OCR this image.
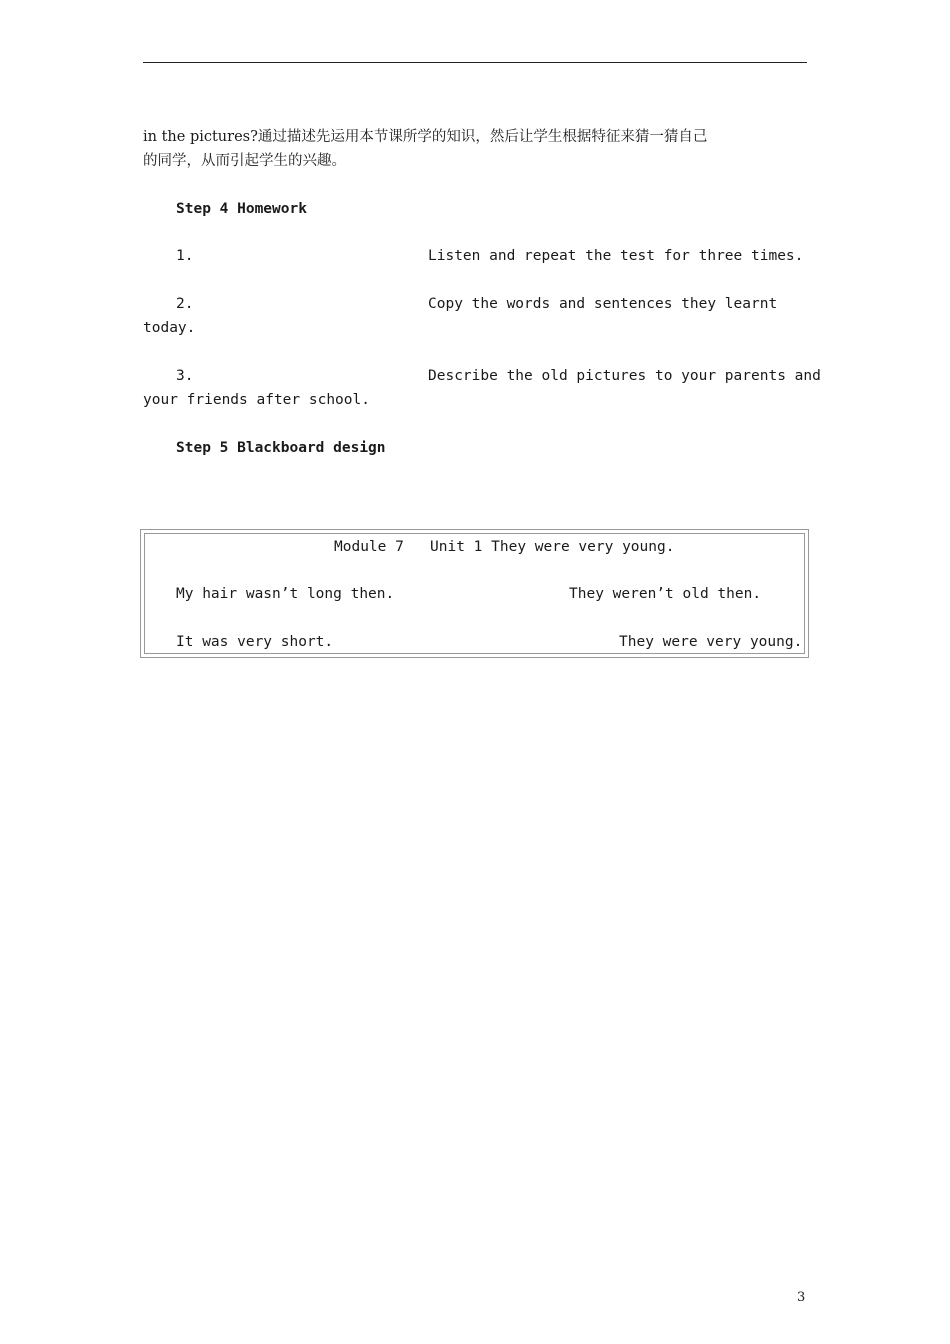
in the pictures?通过描述先运用本节课所学的知识，然后让学生根据特征来猜一猜自己
的同学，从而引起学生的兴趣。
Step 4 Homework
1.	Listen and repeat the test for three times.
2.	Copy the words and sentences they learnt
today.
3.	Describe the old pictures to your parents and
your friends after school.
Step 5 Blackboard design
Module 7   Unit 1 They were very young.
My hair wasn’t long then.	They weren’t old then.
It was very short.	They were very young.
3
